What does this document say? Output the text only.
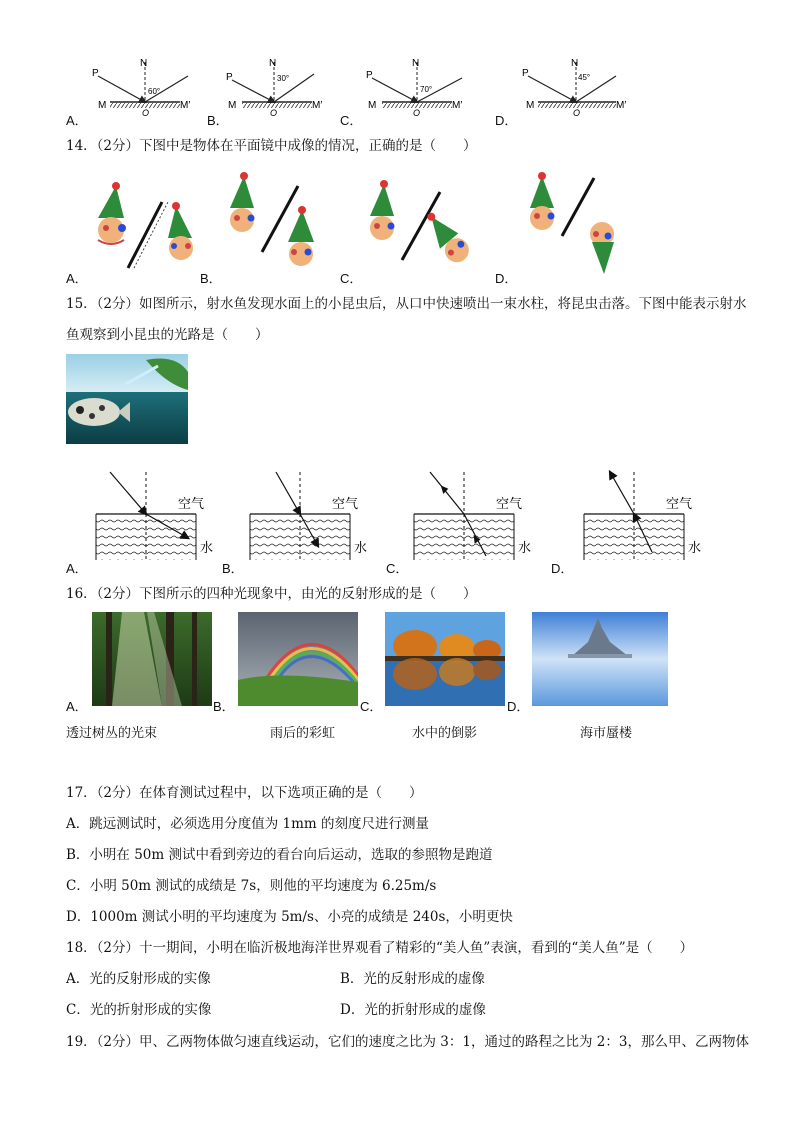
A．
P
N
M	M′
O
60°
B．
P
N
M	M′
O
30°
C．
P
N
M	M′
O
70°
D．
P
N
M	M′
O
45°
14．（2分）下图中是物体在平面镜中成像的情况，正确的是（　　）
A．	B．	C．	D．
15．（2分）如图所示，射水鱼发现水面上的小昆虫后，从口中快速喷出一束水柱，将昆虫击落。下图中能表示射水
鱼观察到小昆虫的光路是（　　）
A．
空气
水
B．
空气
水
C．
空气
水
D．
空气
水
16．（2分）下图所示的四种光现象中，由光的反射形成的是（　　）
A．
透过树丛的光束
B．
雨后的彩虹
C．
水中的倒影
D．
海市蜃楼
17．（2分）在体育测试过程中，以下选项正确的是（　　）
A．跳远测试时，必须选用分度值为 1mm 的刻度尺进行测量
B．小明在 50m 测试中看到旁边的看台向后运动，选取的参照物是跑道
C．小明 50m 测试的成绩是 7s，则他的平均速度为 6.25m/s
D．1000m 测试小明的平均速度为 5m/s、小亮的成绩是 240s，小明更快
18．（2分）十一期间，小明在临沂极地海洋世界观看了精彩的“美人鱼”表演，看到的“美人鱼”是（　　）
A．光的反射形成的实像	B．光的反射形成的虚像
C．光的折射形成的实像	D．光的折射形成的虚像
19．（2分）甲、乙两物体做匀速直线运动，它们的速度之比为 3：1，通过的路程之比为 2：3，那么甲、乙两物体
